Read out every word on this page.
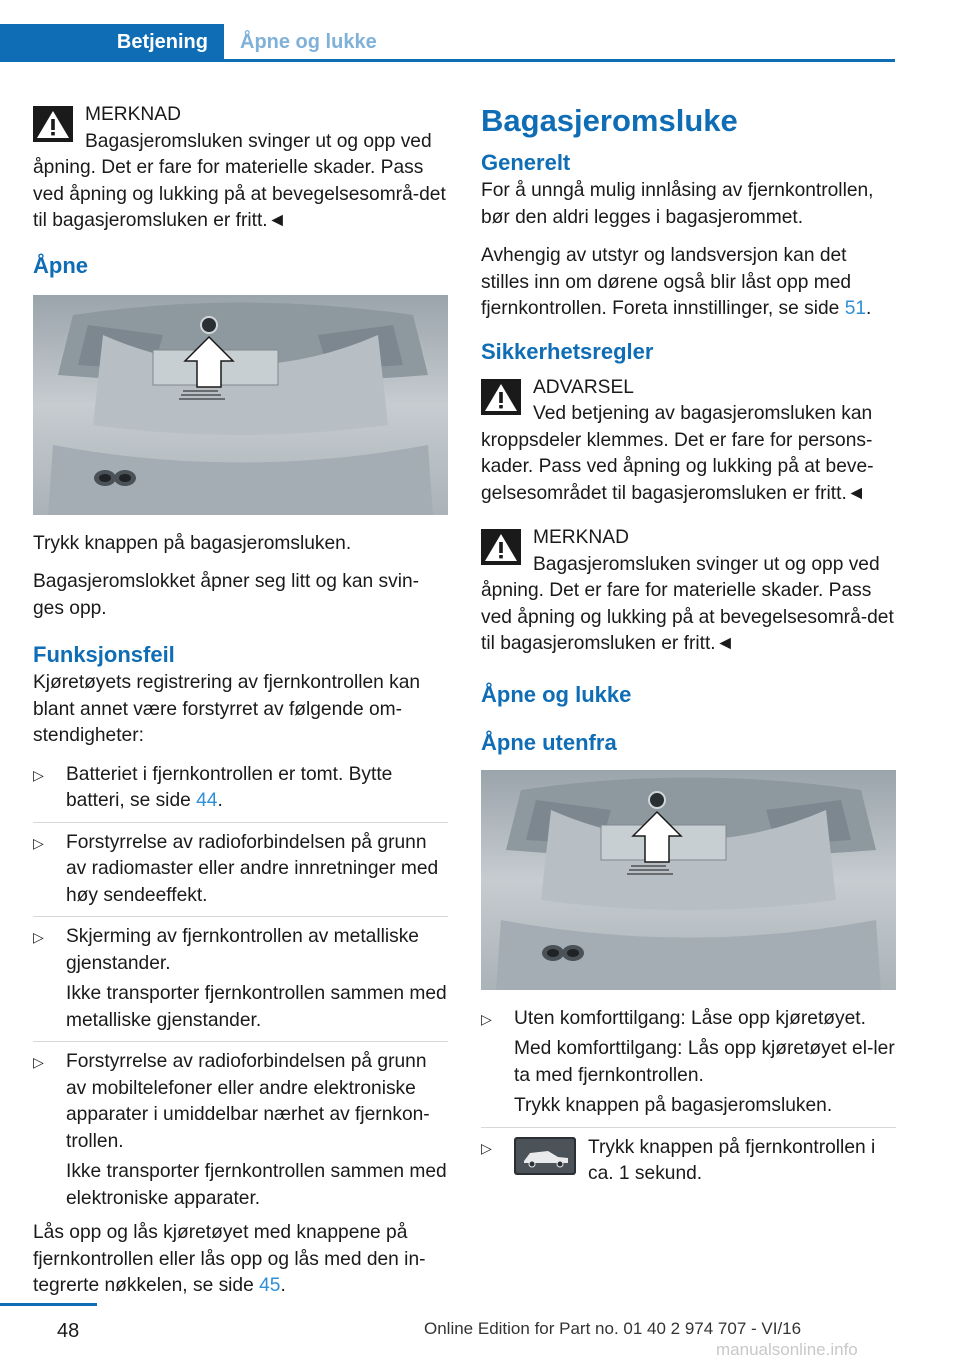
Betjening Åpne og lukke
MERKNAD
Bagasjeromsluken svinger ut og opp ved åpning. Det er fare for materielle skader. Pass ved åpning og lukking på at bevegelsesområ-det til bagasjeromsluken er fritt.◄
Åpne

Trykk knappen på bagasjeromsluken.

Bagasjeromslokket åpner seg litt og kan svin-ges opp.

Funksjonsfeil

Kjøretøyets registrering av fjernkontrollen kan blant annet være forstyrret av følgende om-stendigheter:

▷ Batteriet i fjernkontrollen er tomt. Bytte batteri, se side 44.
▷ Forstyrrelse av radioforbindelsen på grunn av radiomaster eller andre innretninger med høy sendeeffekt.
▷ Skjerming av fjernkontrollen av metalliske gjenstander.
Ikke transporter fjernkontrollen sammen med metalliske gjenstander.
▷ Forstyrrelse av radioforbindelsen på grunn av mobiltelefoner eller andre elektroniske apparater i umiddelbar nærhet av fjernkon-trollen.
Ikke transporter fjernkontrollen sammen med elektroniske apparater.

Lås opp og lås kjøretøyet med knappene på fjernkontrollen eller lås opp og lås med den in-tegrerte nøkkelen, se side 45.

Bagasjeromsluke
Generelt

For å unngå mulig innlåsing av fjernkontrollen, bør den aldri legges i bagasjerommet.

Avhengig av utstyr og landsversjon kan det stilles inn om dørene også blir låst opp med fjernkontrollen. Foreta innstillinger, se side 51.

Sikkerhetsregler
ADVARSEL
Ved betjening av bagasjeromsluken kan kroppsdeler klemmes. Det er fare for persons-kader. Pass ved åpning og lukking på at beve-gelsesområdet til bagasjeromsluken er fritt.◄
MERKNAD
Bagasjeromsluken svinger ut og opp ved åpning. Det er fare for materielle skader. Pass ved åpning og lukking på at bevegelsesområ-det til bagasjeromsluken er fritt.◄
Åpne og lukke
Åpne utenfra
▷ Uten komforttilgang: Låse opp kjøretøyet.
Med komforttilgang: Lås opp kjøretøyet el-ler ta med fjernkontrollen.
Trykk knappen på bagasjeromsluken.
▷	Trykk knappen på fjernkontrollen i ca. 1 sekund.
48	Online Edition for Part no. 01 40 2 974 707 - VI/16
manualsonline.info
